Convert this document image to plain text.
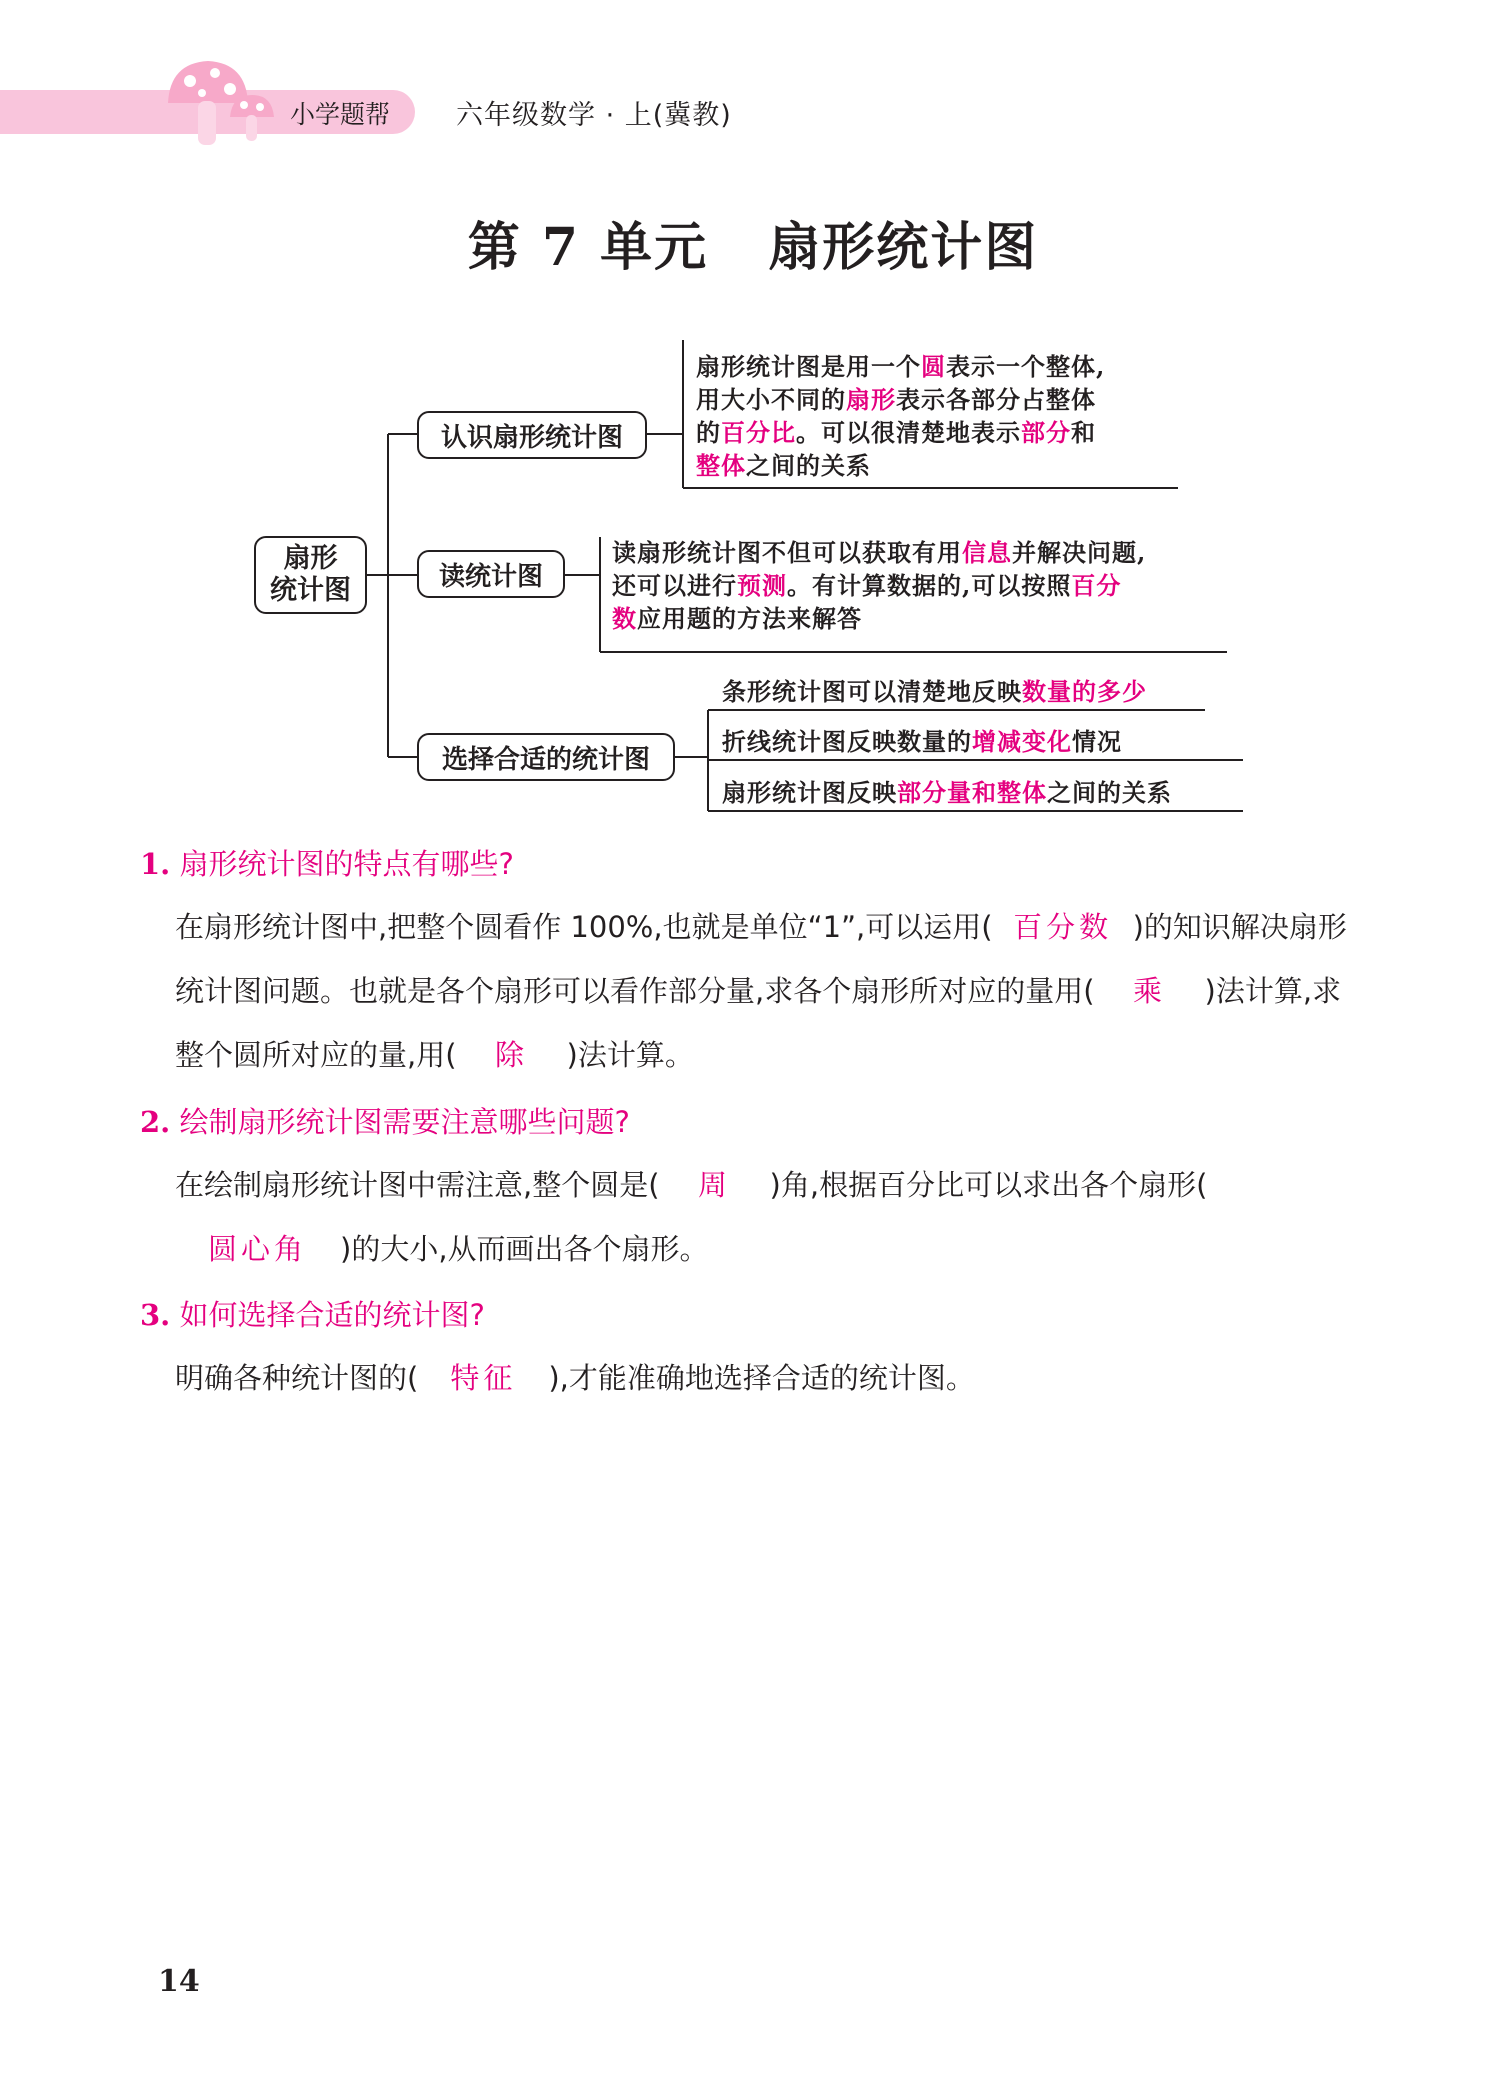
小学题帮 六年级数学 · 上(冀教)
第 7 单元 扇形统计图
扇形
统计图
认识扇形统计图
读统计图
选择合适的统计图
扇形统计图是用一个圆表示一个整体,
用大小不同的扇形表示各部分占整体
的百分比。可以很清楚地表示部分和
整体之间的关系
读扇形统计图不但可以获取有用信息并解决问题,
还可以进行预测。有计算数据的,可以按照百分
数应用题的方法来解答
条形统计图可以清楚地反映数量的多少
折线统计图反映数量的增减变化情况
扇形统计图反映部分量和整体之间的关系
1. 扇形统计图的特点有哪些?
在扇形统计图中,把整个圆看作 100%,也就是单位“1”,可以运用( 百分数 )的知识解决扇形统计图问题。也就是各个扇形可以看作部分量,求各个扇形所对应的量用( 乘 )法计算,求整个圆所对应的量,用( 除 )法计算。
2. 绘制扇形统计图需要注意哪些问题?
在绘制扇形统计图中需注意,整个圆是( 周 )角,根据百分比可以求出各个扇形(圆心角 )的大小,从而画出各个扇形。
3. 如何选择合适的统计图?
明确各种统计图的( 特征 ),才能准确地选择合适的统计图。
14
